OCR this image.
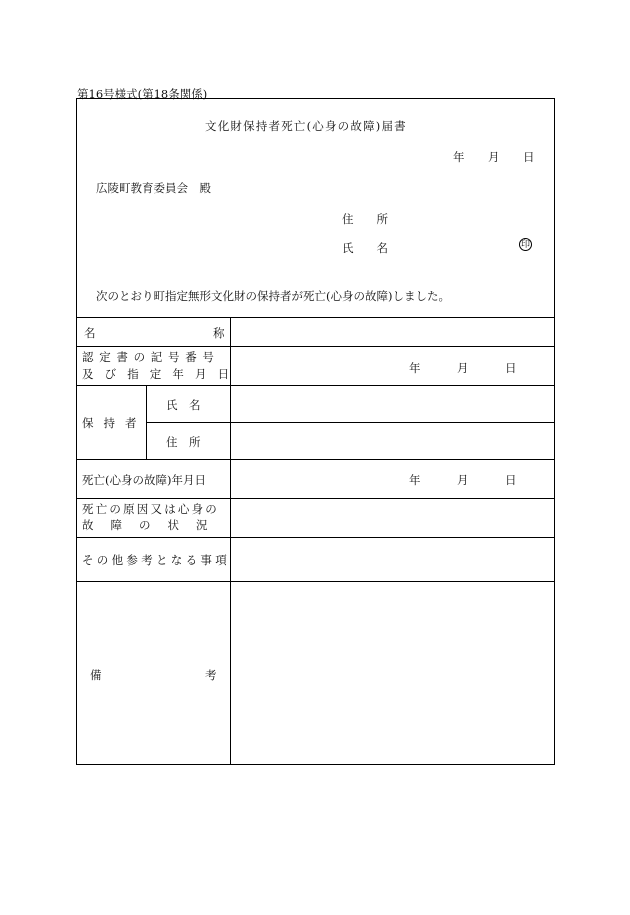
第16号様式(第18条関係)
文化財保持者死亡(心身の故障)届書
年 月 日
広陵町教育委員会　殿
住　　所
氏　　名	印
次のとおり町指定無形文化財の保持者が死亡(心身の故障)しました。
名	称
認定書の記号番号
及び指定年月日	年	月	日
保持者
氏　名
住　所
死亡(心身の故障)年月日	年	月	日
死亡の原因又は心身の
故障の状況
その他参考となる事項
備	考
